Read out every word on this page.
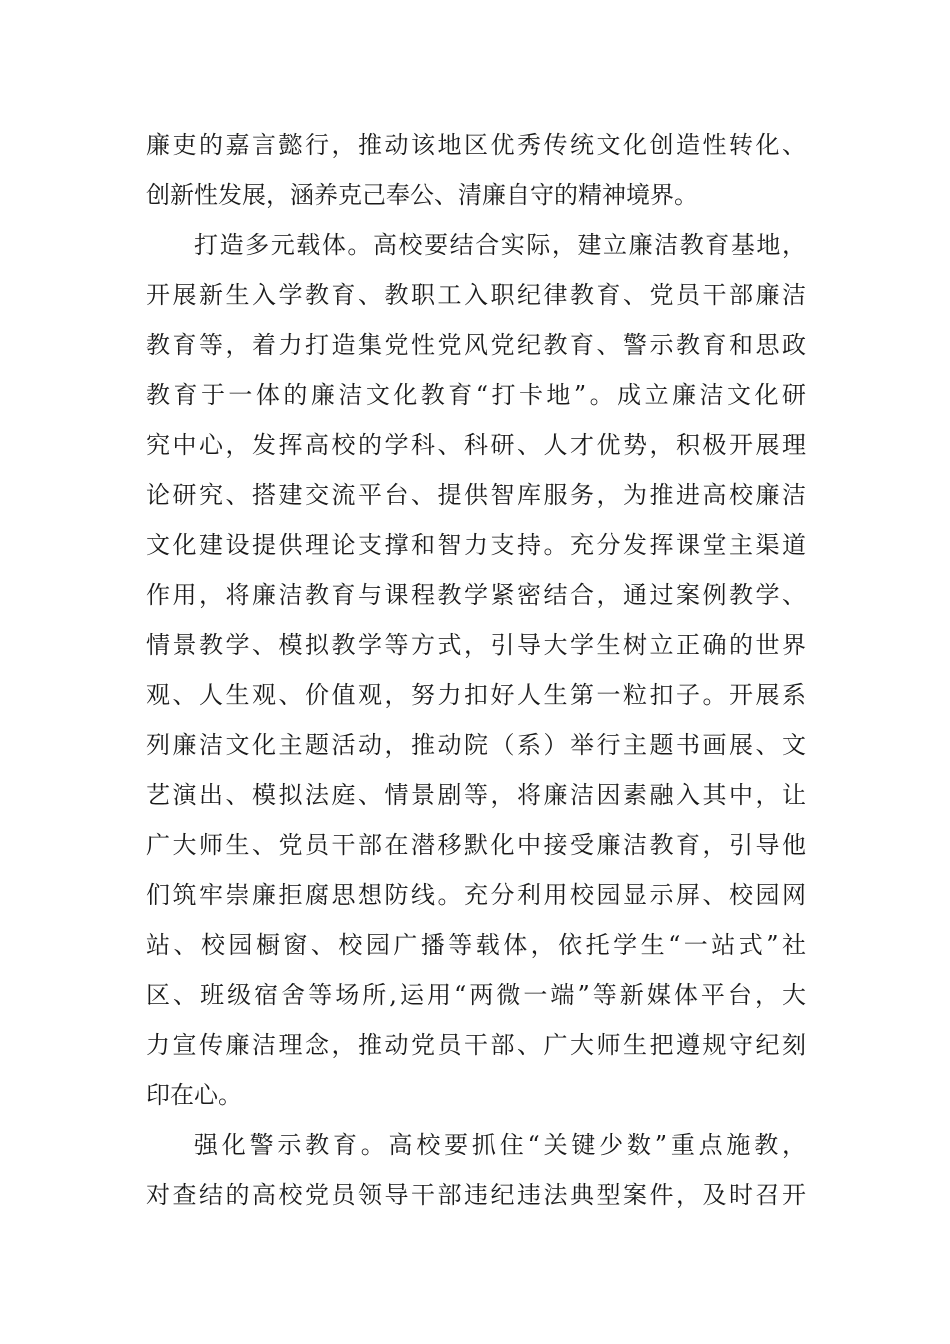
廉吏的嘉言懿行，推动该地区优秀传统文化创造性转化、
创新性发展，涵养克己奉公、清廉自守的精神境界。
打造多元载体。高校要结合实际，建立廉洁教育基地，
开展新生入学教育、教职工入职纪律教育、党员干部廉洁
教育等，着力打造集党性党风党纪教育、警示教育和思政
教育于一体的廉洁文化教育“打卡地”。成立廉洁文化研
究中心，发挥高校的学科、科研、人才优势，积极开展理
论研究、搭建交流平台、提供智库服务，为推进高校廉洁
文化建设提供理论支撑和智力支持。充分发挥课堂主渠道
作用，将廉洁教育与课程教学紧密结合，通过案例教学、
情景教学、模拟教学等方式，引导大学生树立正确的世界
观、人生观、价值观，努力扣好人生第一粒扣子。开展系
列廉洁文化主题活动，推动院（系）举行主题书画展、文
艺演出、模拟法庭、情景剧等，将廉洁因素融入其中，让
广大师生、党员干部在潜移默化中接受廉洁教育，引导他
们筑牢崇廉拒腐思想防线。充分利用校园显示屏、校园网
站、校园橱窗、校园广播等载体，依托学生“一站式”社
区、班级宿舍等场所,运用“两微一端”等新媒体平台，大
力宣传廉洁理念，推动党员干部、广大师生把遵规守纪刻
印在心。
强化警示教育。高校要抓住“关键少数”重点施教，
对查结的高校党员领导干部违纪违法典型案件，及时召开
